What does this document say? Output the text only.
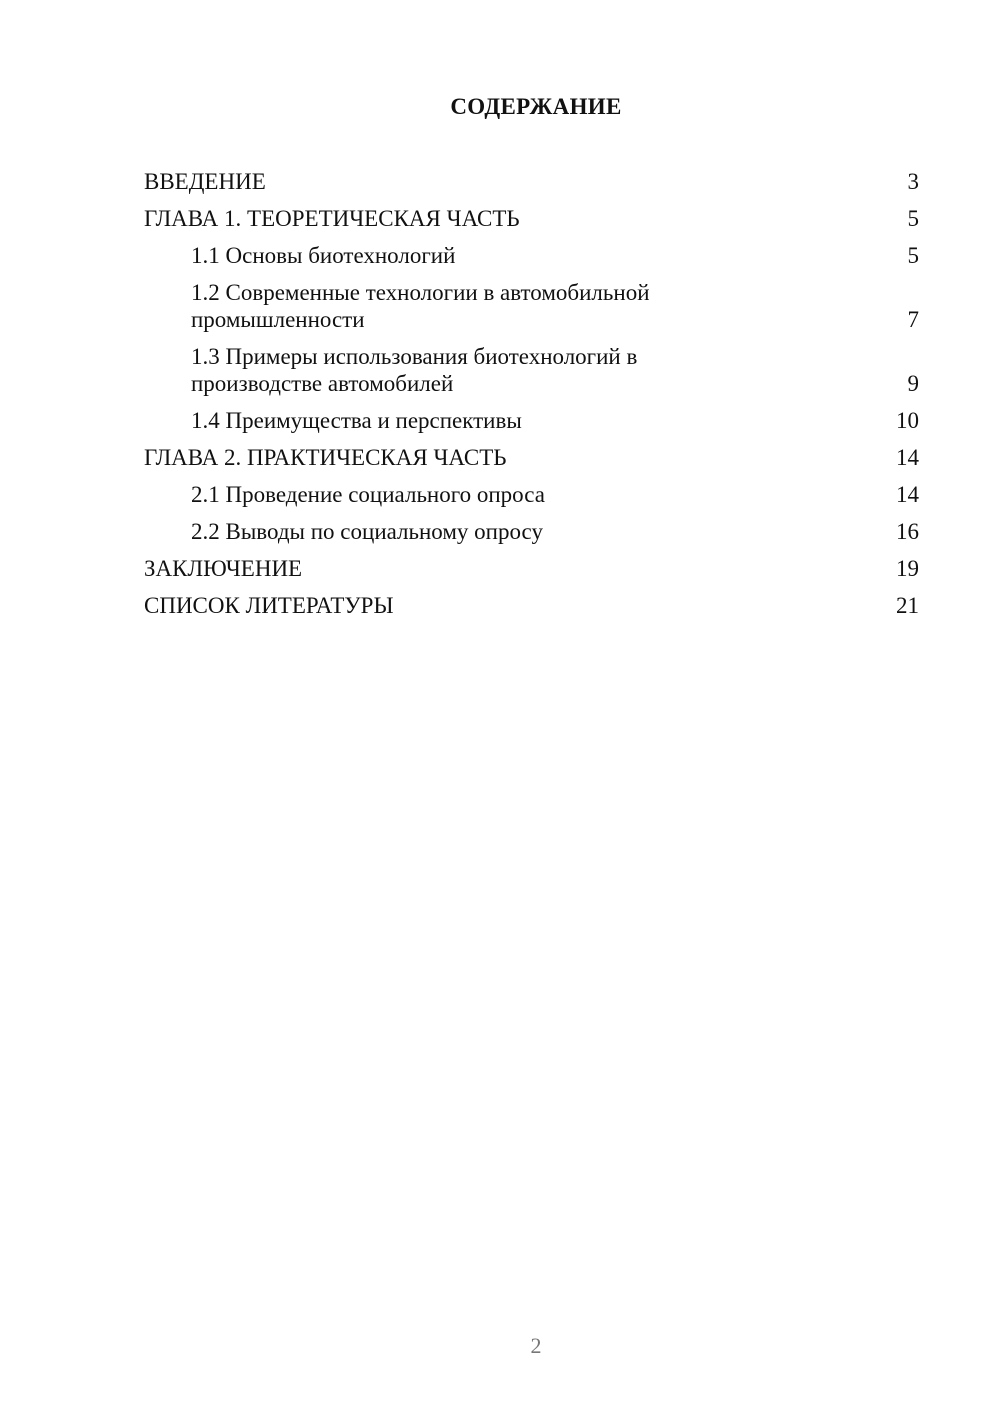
СОДЕРЖАНИЕ
ВВЕДЕНИЕ	3
ГЛАВА 1. ТЕОРЕТИЧЕСКАЯ ЧАСТЬ	5
1.1 Основы биотехнологий	5
1.2 Современные технологии в автомобильной промышленности	7
1.3 Примеры использования биотехнологий в производстве автомобилей	9
1.4 Преимущества и перспективы	10
ГЛАВА 2. ПРАКТИЧЕСКАЯ ЧАСТЬ	14
2.1 Проведение социального опроса	14
2.2 Выводы по социальному опросу	16
ЗАКЛЮЧЕНИЕ	19
СПИСОК ЛИТЕРАТУРЫ	21
2
